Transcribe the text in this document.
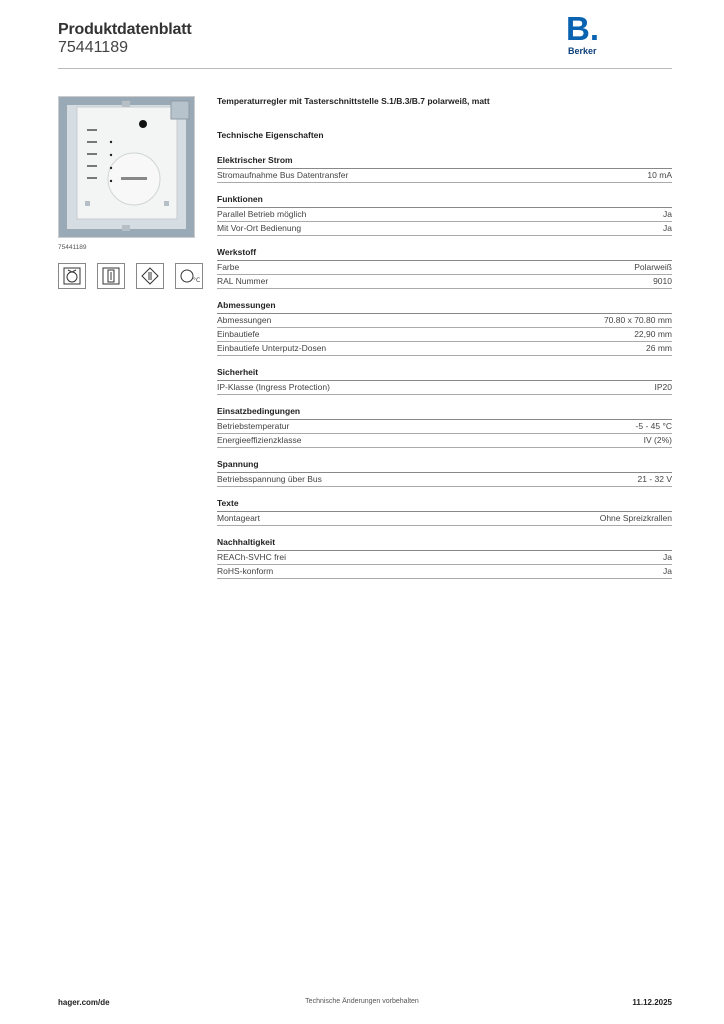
Produktdatenblatt
75441189
B.
Berker
75441189
°C
Temperaturregler mit Tasterschnittstelle S.1/B.3/B.7 polarweiß, matt
Technische Eigenschaften
Elektrischer Strom
Stromaufnahme Bus Datentransfer	10 mA
Funktionen
Parallel Betrieb möglich	Ja
Mit Vor-Ort Bedienung	Ja
Werkstoff
Farbe	Polarweiß
RAL Nummer	9010
Abmessungen
Abmessungen	70.80 x 70.80 mm
Einbautiefe	22,90 mm
Einbautiefe Unterputz-Dosen	26 mm
Sicherheit
IP-Klasse (Ingress Protection)	IP20
Einsatzbedingungen
Betriebstemperatur	-5 - 45 °C
Energieeffizienzklasse	IV (2%)
Spannung
Betriebsspannung über Bus	21 - 32 V
Texte
Montageart	Ohne Spreizkrallen
Nachhaltigkeit
REACh-SVHC frei	Ja
RoHS-konform	Ja
hager.com/de	Technische Änderungen vorbehalten	11.12.2025
